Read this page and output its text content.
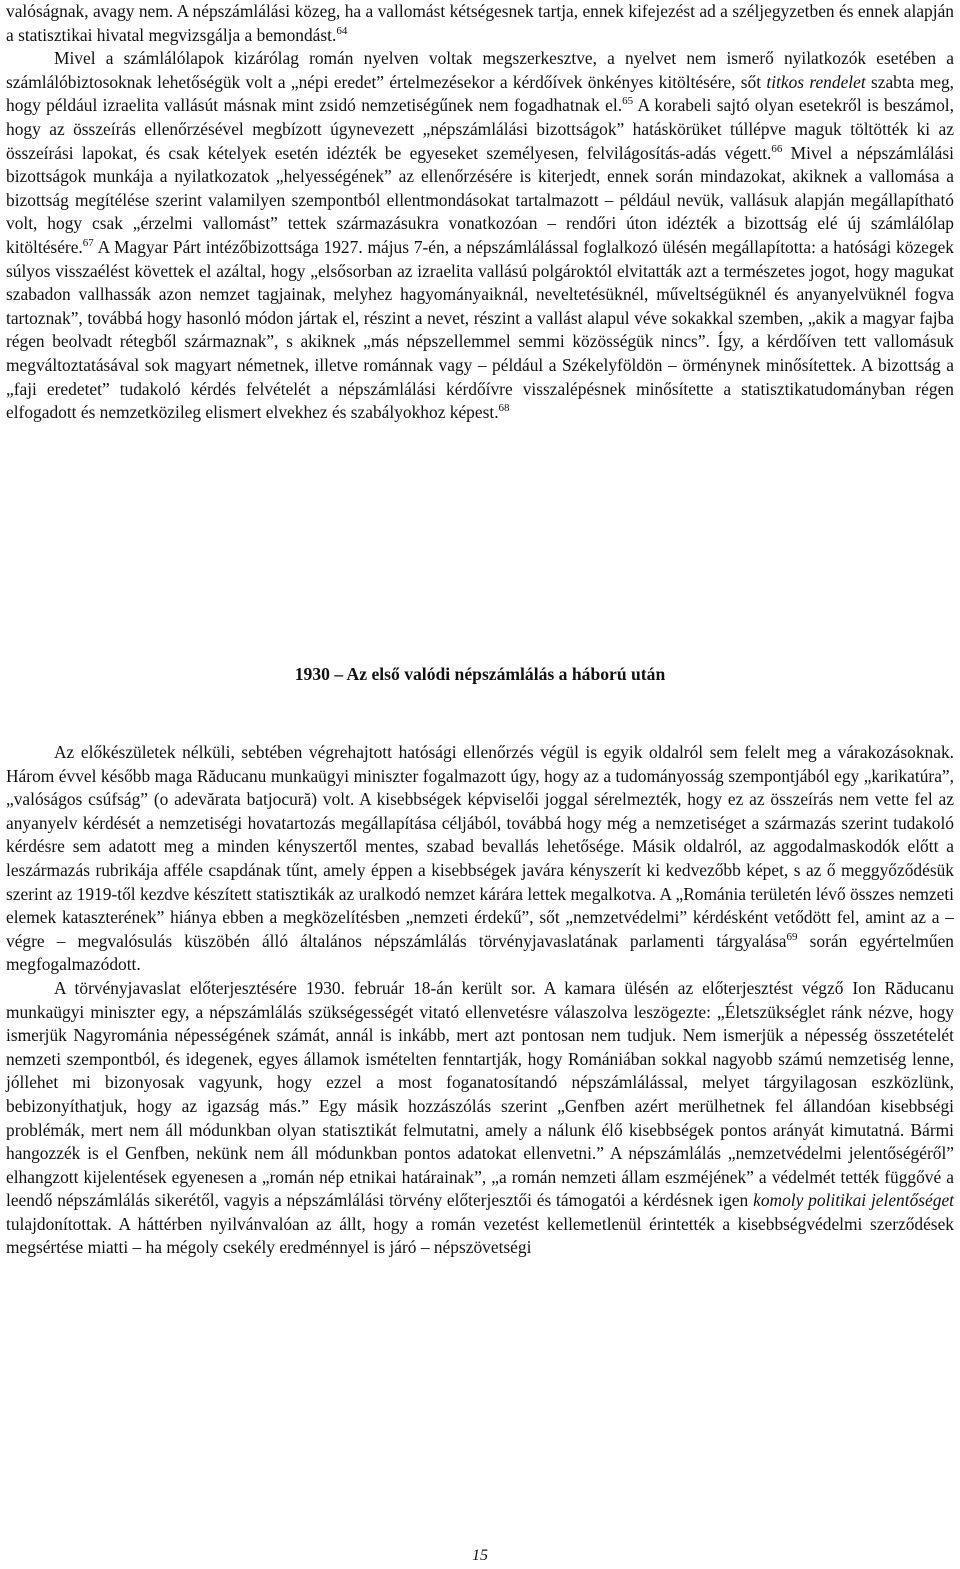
valóságnak, avagy nem. A népszámlálási közeg, ha a vallomást kétségesnek tartja, ennek kifejezést ad a széljegyzetben és ennek alapján a statisztikai hivatal megvizsgálja a bemondást.$^{64}$

Mivel a számlálólapok kizárólag román nyelven voltak megszerkesztve, a nyelvet nem ismerő nyilatkozók esetében a számlálóbiztosoknak lehetőségük volt a „népi eredet” értelmezésekor a kérdőívek önkényes kitöltésére, sőt titkos rendelet szabta meg, hogy például izraelita vallásút másnak mint zsidó nemzetiségűnek nem fogadhatnak el.$^{65}$ A korabeli sajtó olyan esetekről is beszámol, hogy az összeírás ellenőrzésével megbízott úgynevezett „népszámlálási bizottságok” hatáskörüket túllépve maguk töltötték ki az összeírási lapokat, és csak kételyek esetén idézték be egyeseket személyesen, felvilágosítás-adás végett.$^{66}$ Mivel a népszámlálási bizottságok munkája a nyilatkozatok „helyességének” az ellenőrzésére is kiterjedt, ennek során mindazokat, akiknek a vallomása a bizottság megítélése szerint valamilyen szempontból ellentmondásokat tartalmazott – például nevük, vallásuk alapján megállapítható volt, hogy csak „érzelmi vallomást” tettek származásukra vonatkozóan – rendőri úton idézték a bizottság elé új számlálólap kitöltésére.$^{67}$ A Magyar Párt intézőbizottsága 1927. május 7-én, a népszámlálással foglalkozó ülésén megállapította: a hatósági közegek súlyos visszaélést követtek el azáltal, hogy „elsősorban az izraelita vallású polgároktól elvitatták azt a természetes jogot, hogy magukat szabadon vallhassák azon nemzet tagjainak, melyhez hagyományaiknál, neveltetésüknél, műveltségüknél és anyanyelvüknél fogva tartoznak”, továbbá hogy hasonló módon jártak el, részint a nevet, részint a vallást alapul véve sokakkal szemben, „akik a magyar fajba régen beolvadt rétegből származnak”, s akiknek „más népszellemmel semmi közösségük nincs”. Így, a kérdőíven tett vallomásuk megváltoztatásával sok magyart németnek, illetve románnak vagy – például a Székelyföldön – örménynek minősítettek. A bizottság a „faji eredetet” tudakoló kérdés felvételét a népszámlálási kérdőívre visszalépésnek minősítette a statisztikatudományban régen elfogadott és nemzetközileg elismert elvekhez és szabályokhoz képest.$^{68}$

1930 – Az első valódi népszámlálás a háború után

Az előkészületek nélküli, sebtében végrehajtott hatósági ellenőrzés végül is egyik oldalról sem felelt meg a várakozásoknak. Három évvel később maga Răducanu munkaügyi miniszter fogalmazott úgy, hogy az a tudományosság szempontjából egy „karikatúra”, „valóságos csúfság” (o adevărata batjocură) volt. A kisebbségek képviselői joggal sérelmezték, hogy ez az összeírás nem vette fel az anyanyelv kérdését a nemzetiségi hovatartozás megállapítása céljából, továbbá hogy még a nemzetiséget a származás szerint tudakoló kérdésre sem adatott meg a minden kényszertől mentes, szabad bevallás lehetősége. Másik oldalról, az aggodalmaskodók előtt a leszármazás rubrikája afféle csapdának tűnt, amely éppen a kisebbségek javára kényszerít ki kedvezőbb képet, s az ő meggyőződésük szerint az 1919-től kezdve készített statisztikák az uralkodó nemzet kárára lettek megalkotva. A „Románia területén lévő összes nemzeti elemek kataszterének” hiánya ebben a megközelítésben „nemzeti érdekű”, sőt „nemzetvédelmi” kérdésként vetődött fel, amint az a – végre – megvalósulás küszöbén álló általános népszámlálás törvényjavaslatának parlamenti tárgyalása$^{69}$ során egyértelműen megfogalmazódott.

A törvényjavaslat előterjesztésére 1930. február 18-án került sor. A kamara ülésén az előterjesztést végző Ion Răducanu munkaügyi miniszter egy, a népszámlálás szükségességét vitató ellenvetésre válaszolva leszögezte: „Életszükséglet ránk nézve, hogy ismerjük Nagyrománia népességének számát, annál is inkább, mert azt pontosan nem tudjuk. Nem ismerjük a népesség összetételét nemzeti szempontból, és idegenek, egyes államok ismételten fenntartják, hogy Romániában sokkal nagyobb számú nemzetiség lenne, jóllehet mi bizonyosak vagyunk, hogy ezzel a most foganatosítandó népszámlálással, melyet tárgyilagosan eszközlünk, bebizonyíthatjuk, hogy az igazság más.” Egy másik hozzászólás szerint „Genfben azért merülhetnek fel állandóan kisebbségi problémák, mert nem áll módunkban olyan statisztikát felmutatni, amely a nálunk élő kisebbségek pontos arányát kimutatná. Bármi hangozzék is el Genfben, nekünk nem áll módunkban pontos adatokat ellenvetni.” A népszámlálás „nemzetvédelmi jelentőségéről” elhangzott kijelentések egyenesen a „román nép etnikai határainak”, „a román nemzeti állam eszméjének” a védelmét tették függővé a leendő népszámlálás sikerétől, vagyis a népszámlálási törvény előterjesztői és támogatói a kérdésnek igen komoly politikai jelentőséget tulajdonítottak. A háttérben nyilvánvalóan az állt, hogy a román vezetést kellemetlenül érintették a kisebbségvédelmi szerződések megsértése miatti – ha mégoly csekély eredménnyel is járó – népszövetségi

15
